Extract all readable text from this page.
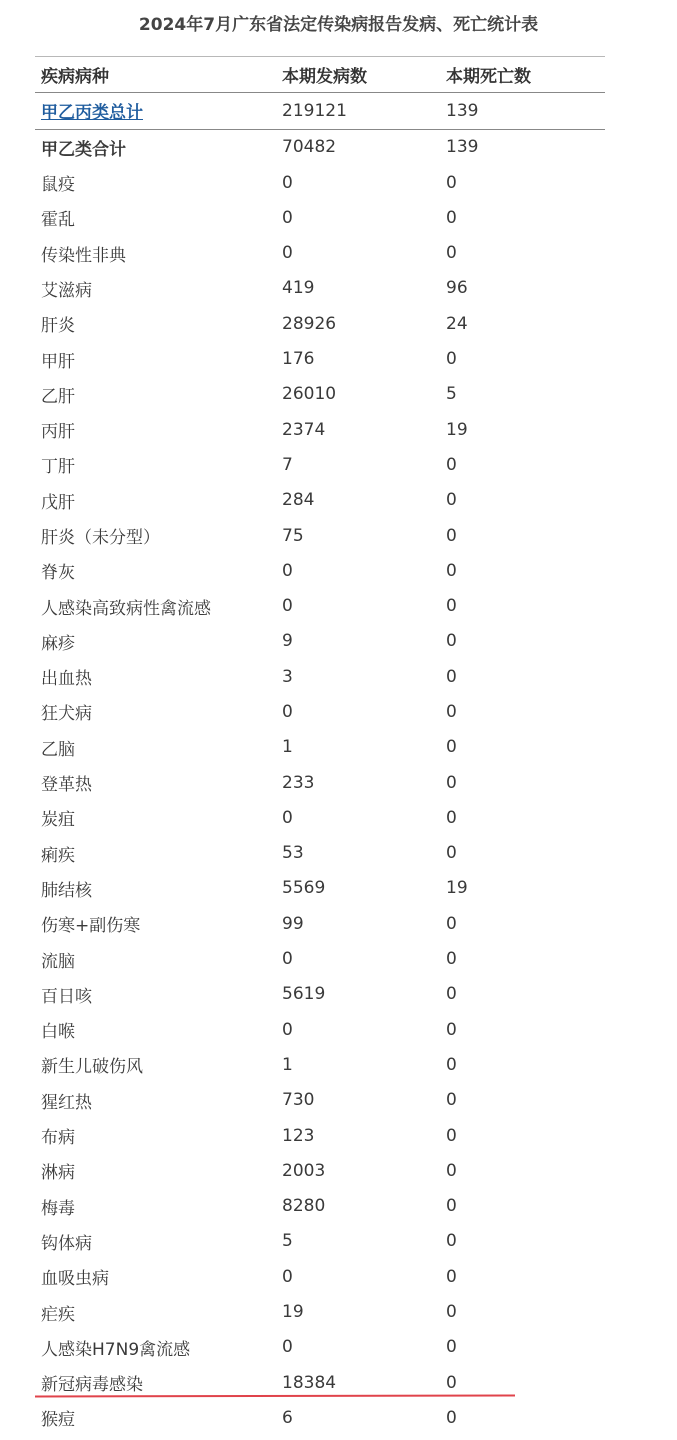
2024年7月广东省法定传染病报告发病、死亡统计表
疾病病种	本期发病数	本期死亡数
甲乙丙类总计	219121	139
甲乙类合计	70482	139
鼠疫	0	0
霍乱	0	0
传染性非典	0	0
艾滋病	419	96
肝炎	28926	24
甲肝	176	0
乙肝	26010	5
丙肝	2374	19
丁肝	7	0
戊肝	284	0
肝炎（未分型）	75	0
脊灰	0	0
人感染高致病性禽流感	0	0
麻疹	9	0
出血热	3	0
狂犬病	0	0
乙脑	1	0
登革热	233	0
炭疽	0	0
痢疾	53	0
肺结核	5569	19
伤寒+副伤寒	99	0
流脑	0	0
百日咳	5619	0
白喉	0	0
新生儿破伤风	1	0
猩红热	730	0
布病	123	0
淋病	2003	0
梅毒	8280	0
钩体病	5	0
血吸虫病	0	0
疟疾	19	0
人感染H7N9禽流感	0	0
新冠病毒感染	18384	0
猴痘	6	0
